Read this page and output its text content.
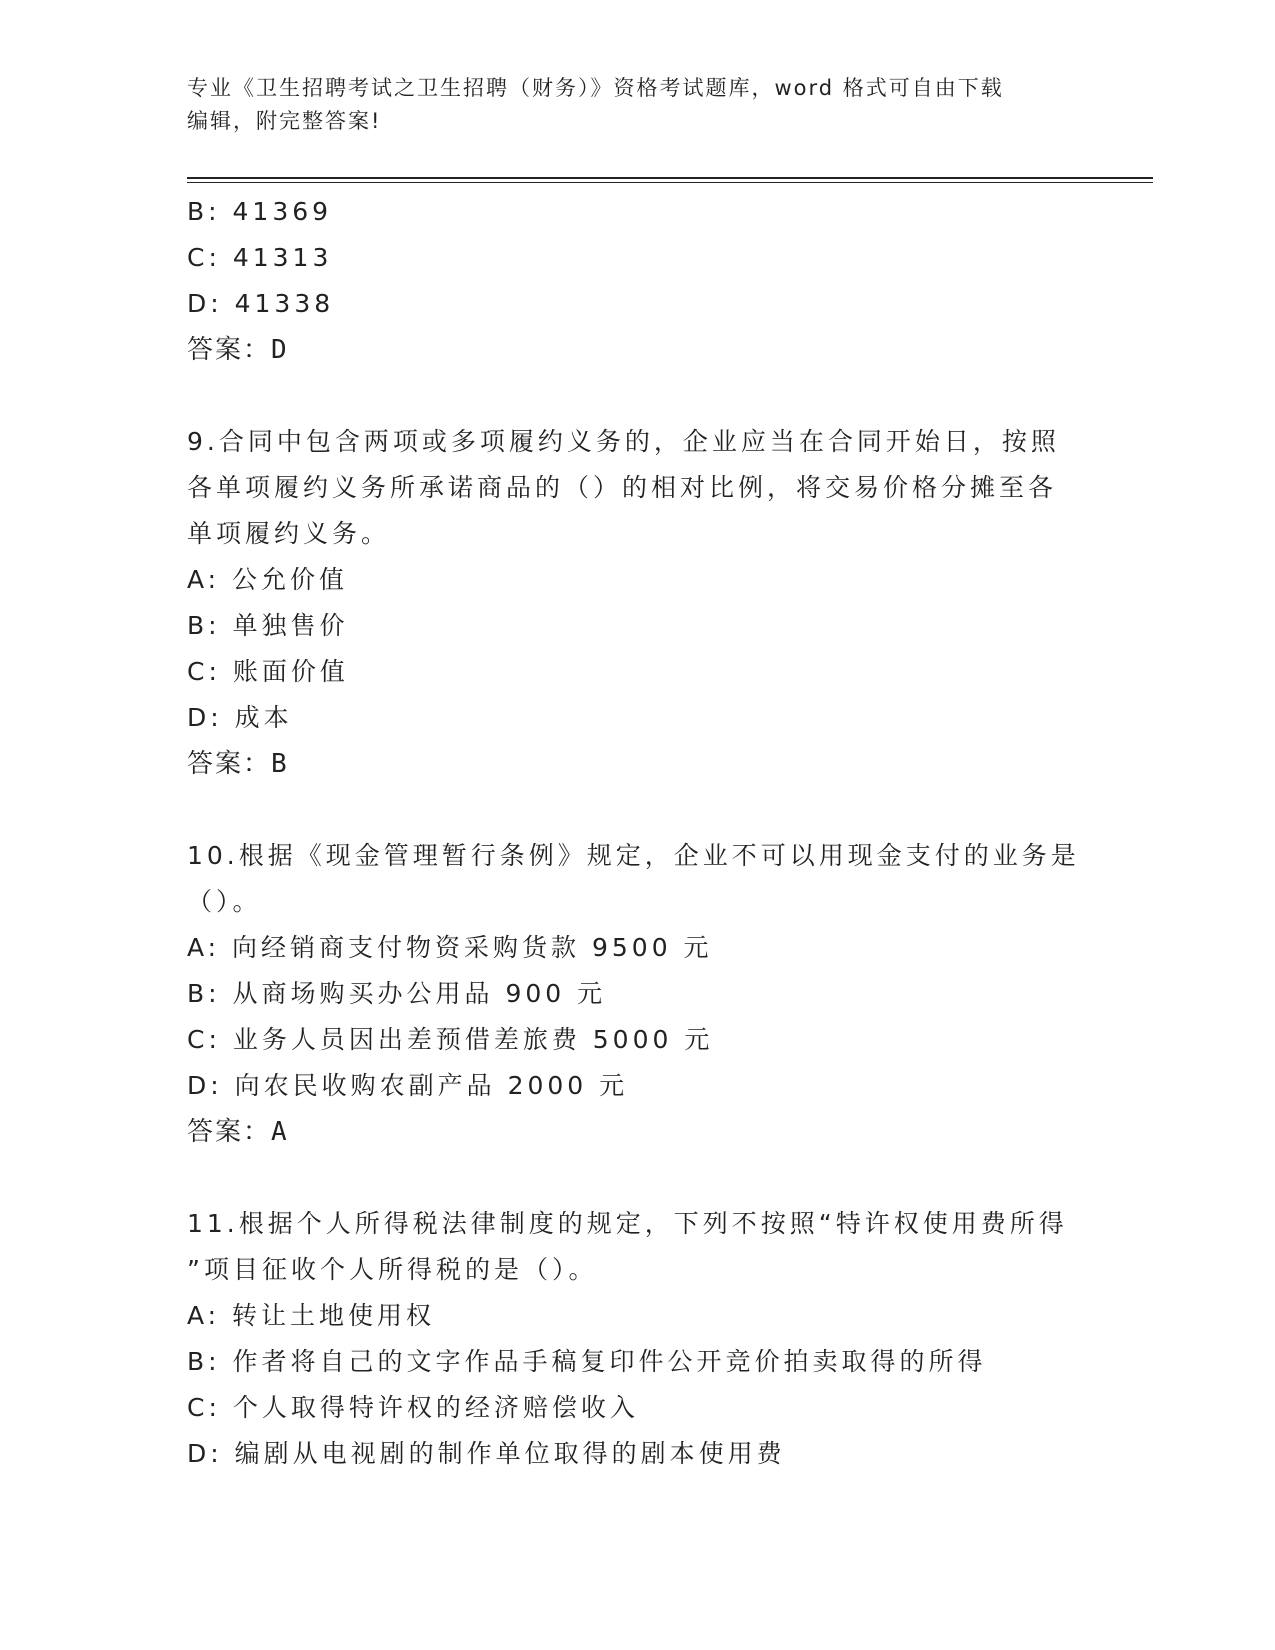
专业《卫生招聘考试之卫生招聘（财务）》资格考试题库，word 格式可自由下载
编辑，附完整答案!
B: 41369
C: 41313
D: 41338
答案：D
9.合同中包含两项或多项履约义务的，企业应当在合同开始日，按照
各单项履约义务所承诺商品的（）的相对比例，将交易价格分摊至各
单项履约义务。
A: 公允价值
B: 单独售价
C: 账面价值
D: 成本
答案：B
10.根据《现金管理暂行条例》规定，企业不可以用现金支付的业务是
（）。
A: 向经销商支付物资采购货款 9500 元
B: 从商场购买办公用品 900 元
C: 业务人员因出差预借差旅费 5000 元
D: 向农民收购农副产品 2000 元
答案：A
11.根据个人所得税法律制度的规定，下列不按照“特许权使用费所得
”项目征收个人所得税的是（）。
A: 转让土地使用权
B: 作者将自己的文字作品手稿复印件公开竞价拍卖取得的所得
C: 个人取得特许权的经济赔偿收入
D: 编剧从电视剧的制作单位取得的剧本使用费
